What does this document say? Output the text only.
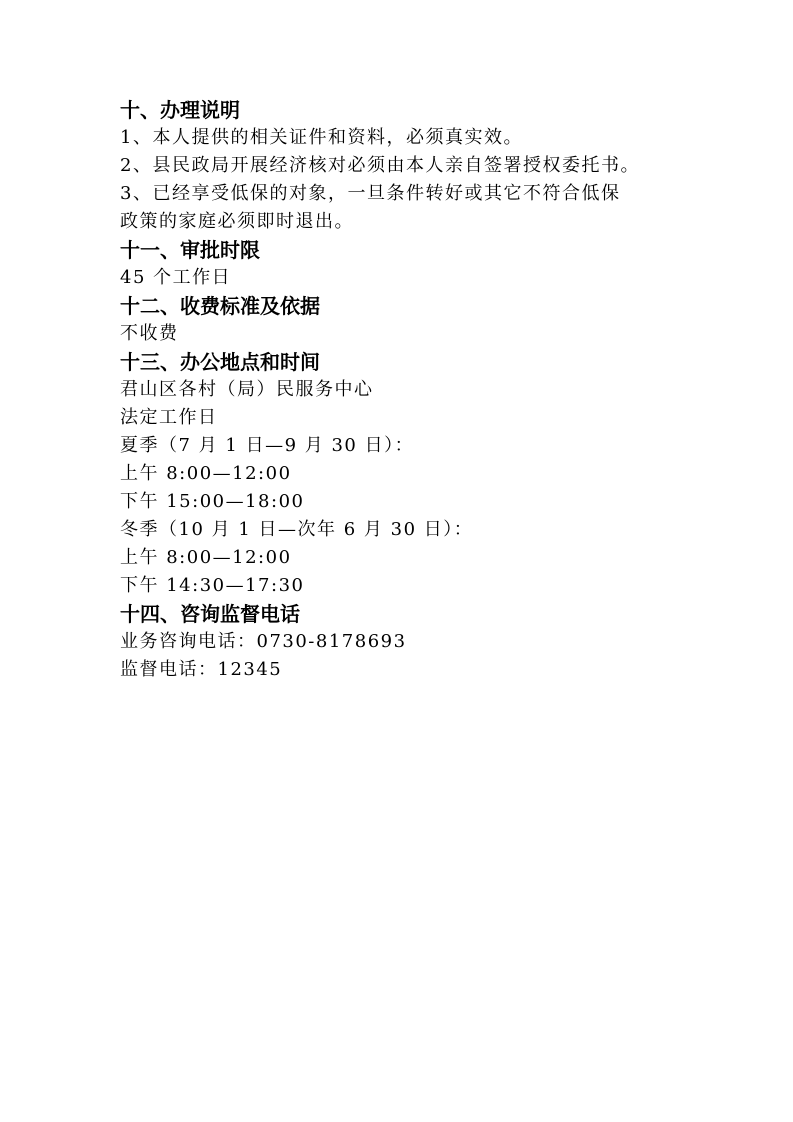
十、办理说明

1、本人提供的相关证件和资料，必须真实效。

2、县民政局开展经济核对必须由本人亲自签署授权委托书。

3、已经享受低保的对象，一旦条件转好或其它不符合低保

政策的家庭必须即时退出。

十一、审批时限

45 个工作日

十二、收费标准及依据

不收费

十三、办公地点和时间

君山区各村（局）民服务中心

法定工作日

夏季（7 月 1 日—9 月 30 日）：

上午 8:00—12:00

下午 15:00—18:00

冬季（10 月 1 日—次年 6 月 30 日）：

上午 8:00—12:00

下午 14:30—17:30

十四、咨询监督电话

业务咨询电话：0730-8178693

监督电话：12345
